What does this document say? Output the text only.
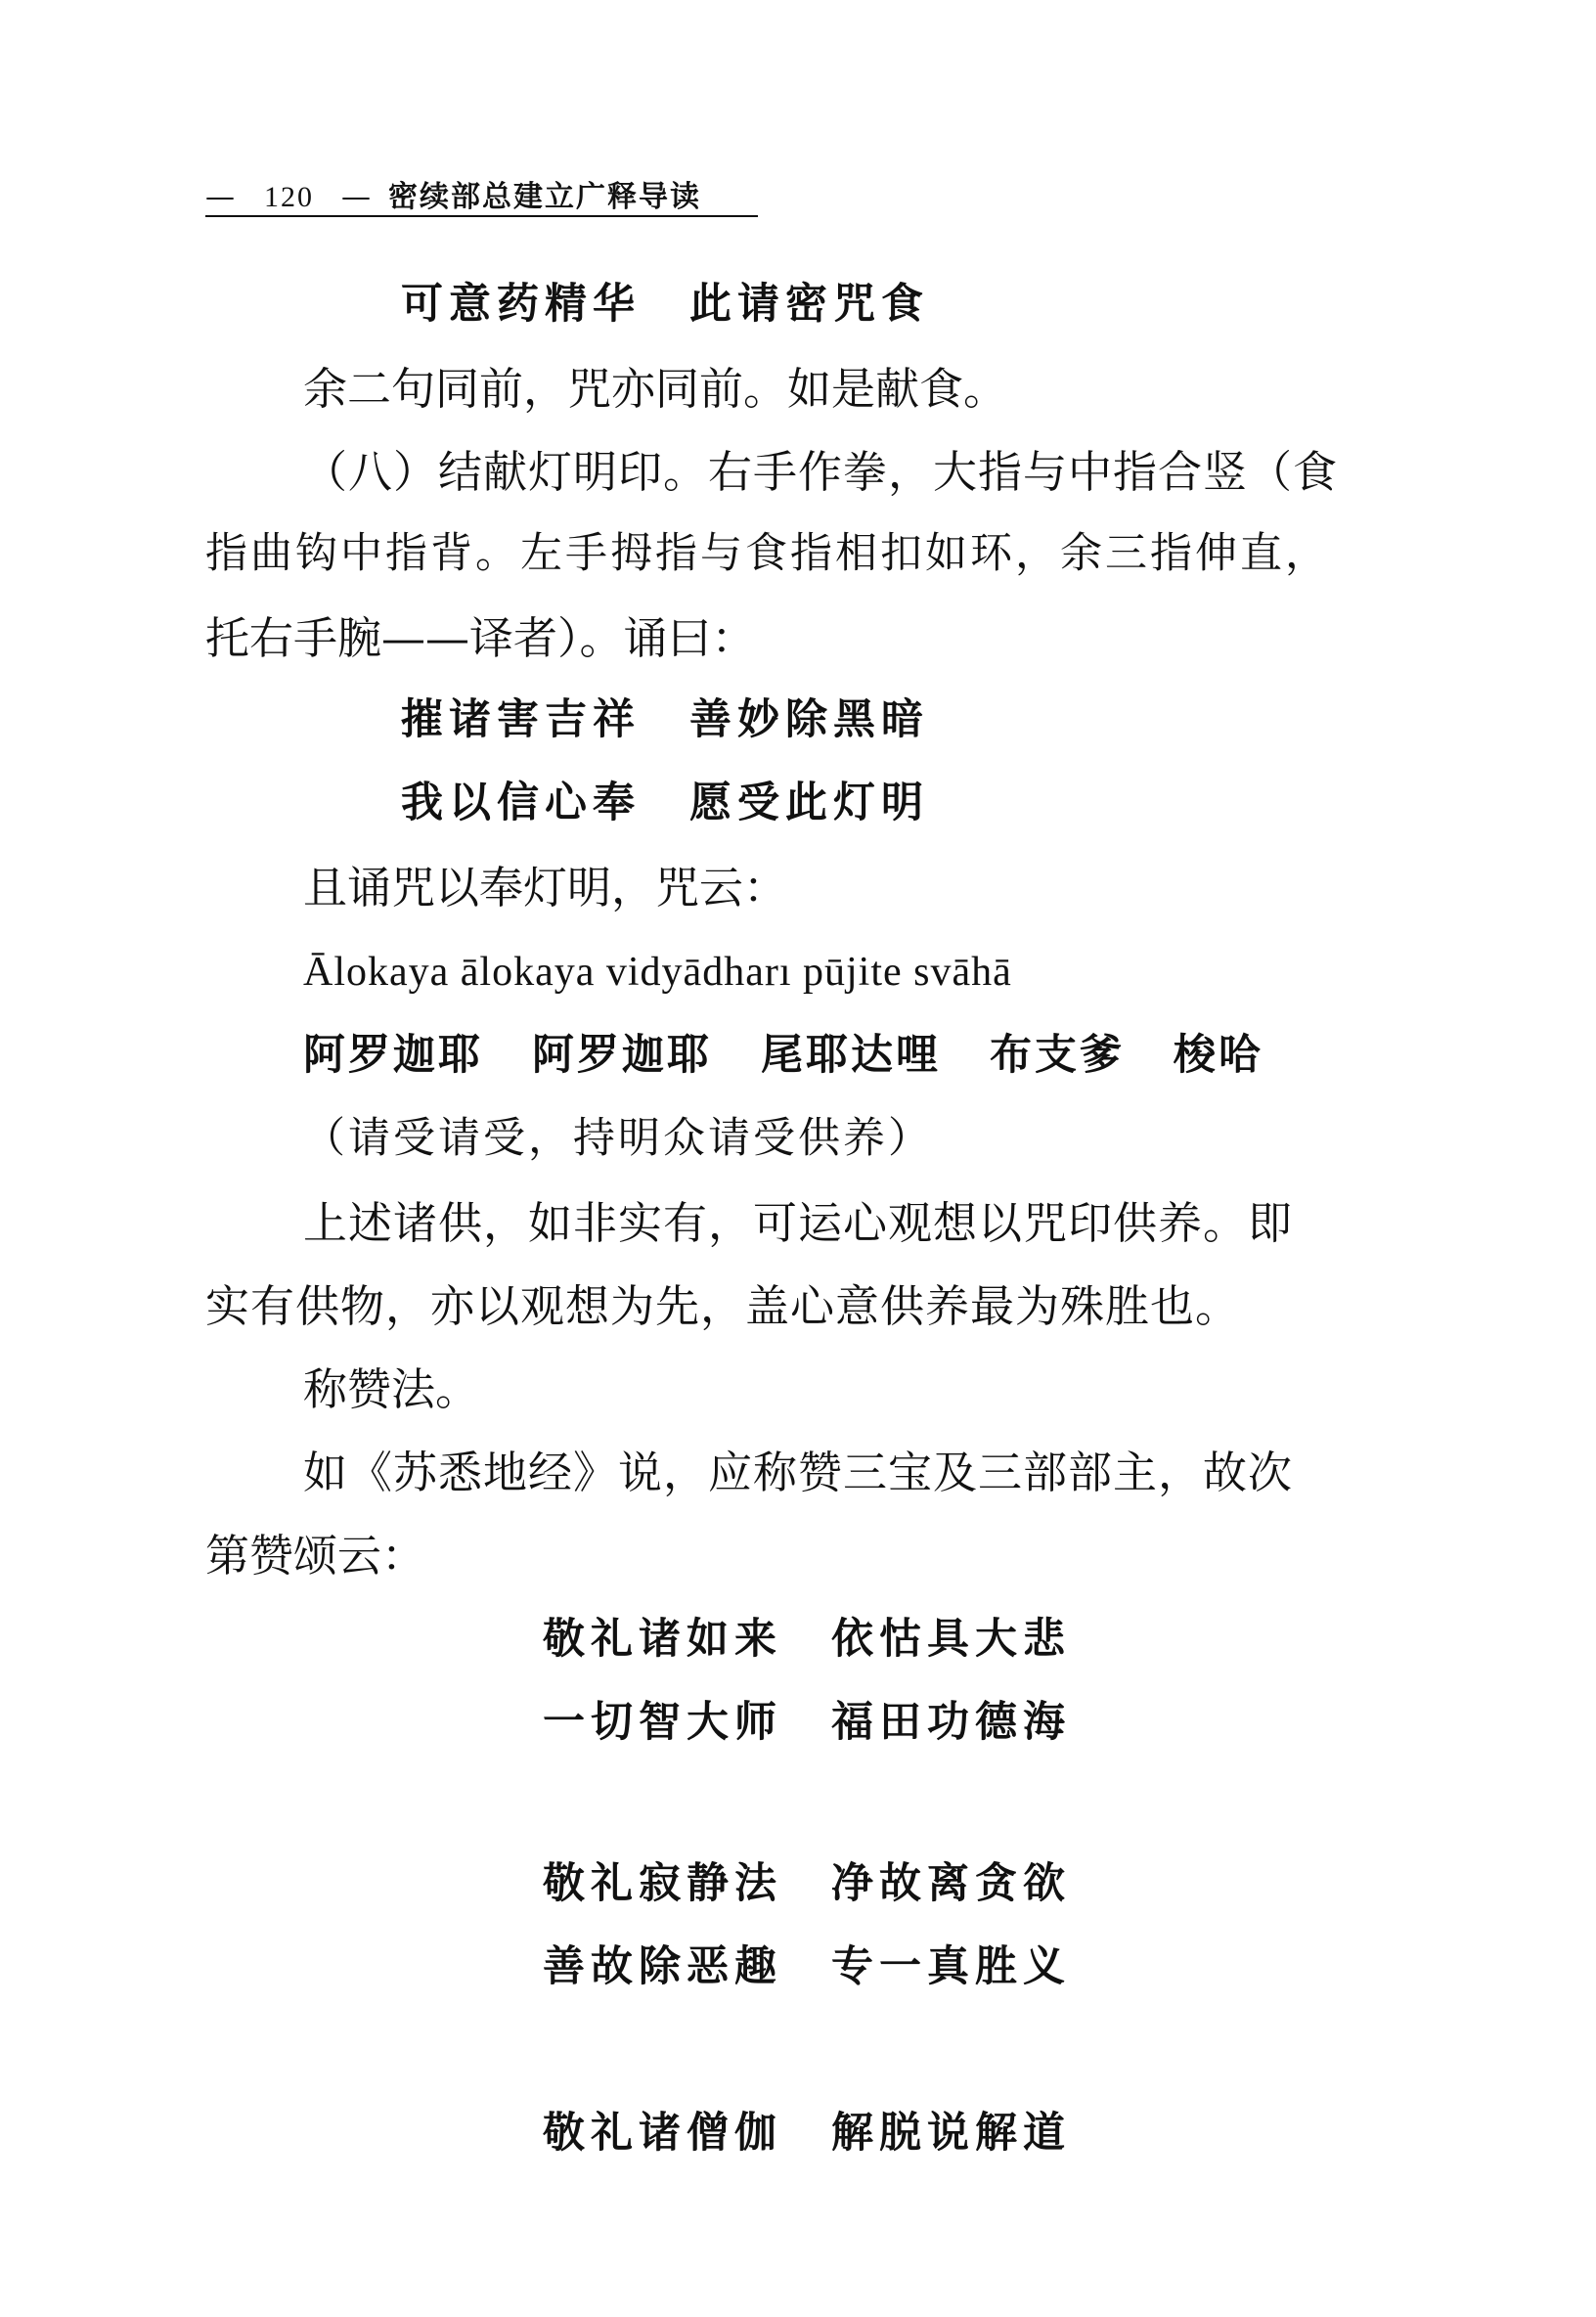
— 120 — 密续部总建立广释导读
可意药精华 此请密咒食
余二句同前，咒亦同前。如是献食。
（八）结献灯明印。右手作拳，大指与中指合竖（食
指曲钩中指背。左手拇指与食指相扣如环，余三指伸直，
托右手腕——译者）。诵曰：
摧诸害吉祥 善妙除黑暗
我以信心奉 愿受此灯明
且诵咒以奉灯明，咒云：
Ālokaya ālokaya vidyādharı pūjite svāhā
阿罗迦耶 阿罗迦耶 尾耶达哩 布支爹 梭哈
（请受请受，持明众请受供养）
上述诸供，如非实有，可运心观想以咒印供养。即
实有供物，亦以观想为先，盖心意供养最为殊胜也。
称赞法。
如《苏悉地经》说，应称赞三宝及三部部主，故次
第赞颂云：
敬礼诸如来 依怙具大悲
一切智大师 福田功德海
敬礼寂静法 净故离贪欲
善故除恶趣 专一真胜义
敬礼诸僧伽 解脱说解道
